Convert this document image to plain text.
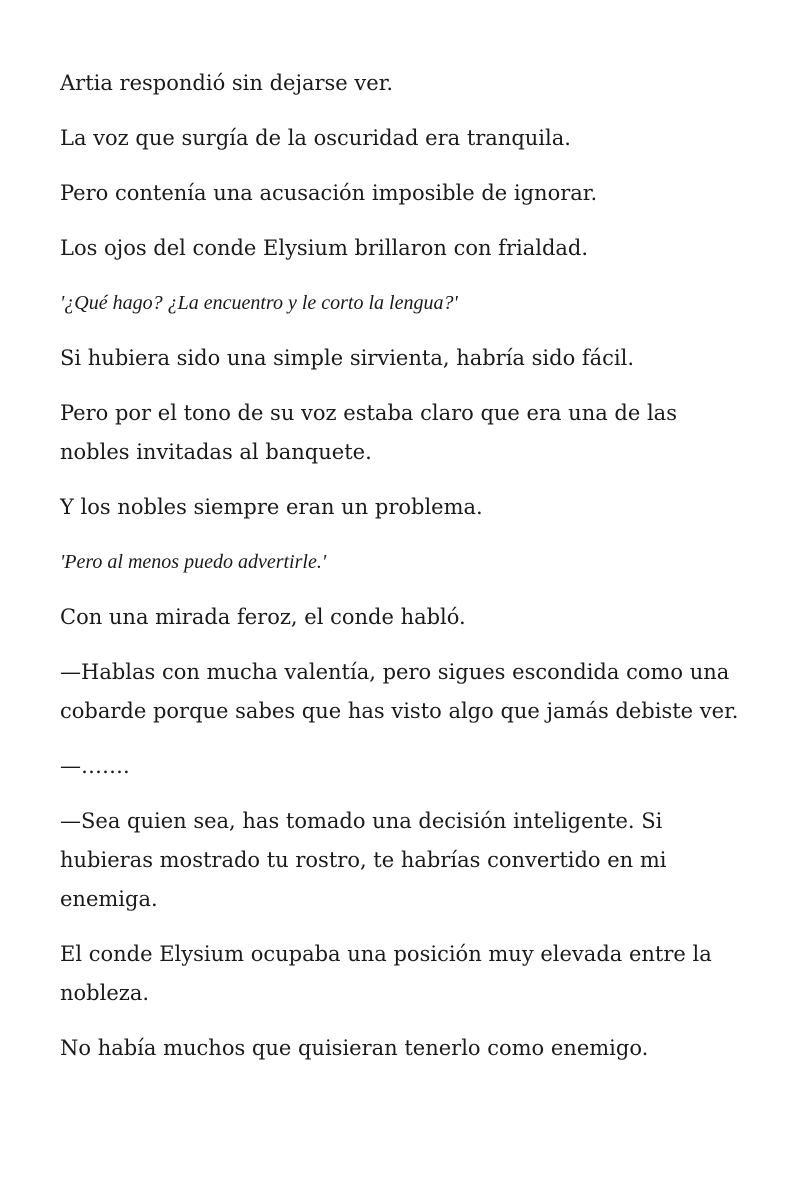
Artia respondió sin dejarse ver.

La voz que surgía de la oscuridad era tranquila.

Pero contenía una acusación imposible de ignorar.

Los ojos del conde Elysium brillaron con frialdad.

'¿Qué hago? ¿La encuentro y le corto la lengua?'

Si hubiera sido una simple sirvienta, habría sido fácil.

Pero por el tono de su voz estaba claro que era una de las nobles invitadas al banquete.

Y los nobles siempre eran un problema.

'Pero al menos puedo advertirle.'

Con una mirada feroz, el conde habló.

—Hablas con mucha valentía, pero sigues escondida como una cobarde porque sabes que has visto algo que jamás debiste ver.

—…….

—Sea quien sea, has tomado una decisión inteligente. Si hubieras mostrado tu rostro, te habrías convertido en mi enemiga.

El conde Elysium ocupaba una posición muy elevada entre la nobleza.

No había muchos que quisieran tenerlo como enemigo.
